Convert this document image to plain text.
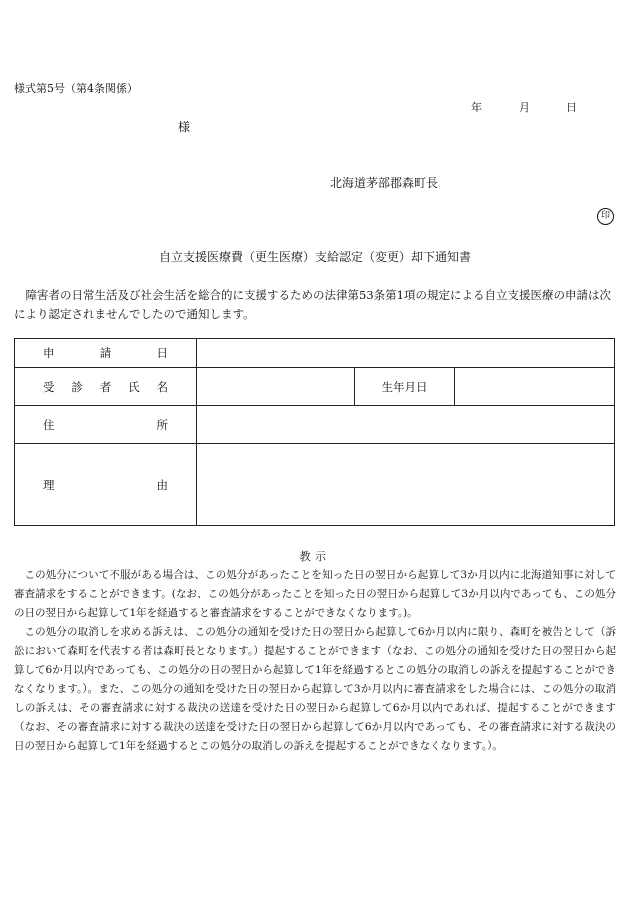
様式第5号（第4条関係）
年	月	日
様
北海道茅部郡森町長
印
自立支援医療費（更生医療）支給認定（変更）却下通知書

障害者の日常生活及び社会生活を総合的に支援するための法律第53条第1項の規定による自立支援医療の申請は次により認定されませんでしたので通知します。

申 請 日			

受 診 者 氏 名		生年月日	

住 所			

理 由			

教示

この処分について不服がある場合は、この処分があったことを知った日の翌日から起算して3か月以内に北海道知事に対して審査請求をすることができます。(なお、この処分があったことを知った日の翌日から起算して3か月以内であっても、この処分の日の翌日から起算して1年を経過すると審査請求をすることができなくなります。)。

この処分の取消しを求める訴えは、この処分の通知を受けた日の翌日から起算して6か月以内に限り、森町を被告として（訴訟において森町を代表する者は森町長となります。）提起することができます（なお、この処分の通知を受けた日の翌日から起算して6か月以内であっても、この処分の日の翌日から起算して1年を経過するとこの処分の取消しの訴えを提起することができなくなります。）。また、この処分の通知を受けた日の翌日から起算して3か月以内に審査請求をした場合には、この処分の取消しの訴えは、その審査請求に対する裁決の送達を受けた日の翌日から起算して6か月以内であれば、提起することができます（なお、その審査請求に対する裁決の送達を受けた日の翌日から起算して6か月以内であっても、その審査請求に対する裁決の日の翌日から起算して1年を経過するとこの処分の取消しの訴えを提起することができなくなります。）。
